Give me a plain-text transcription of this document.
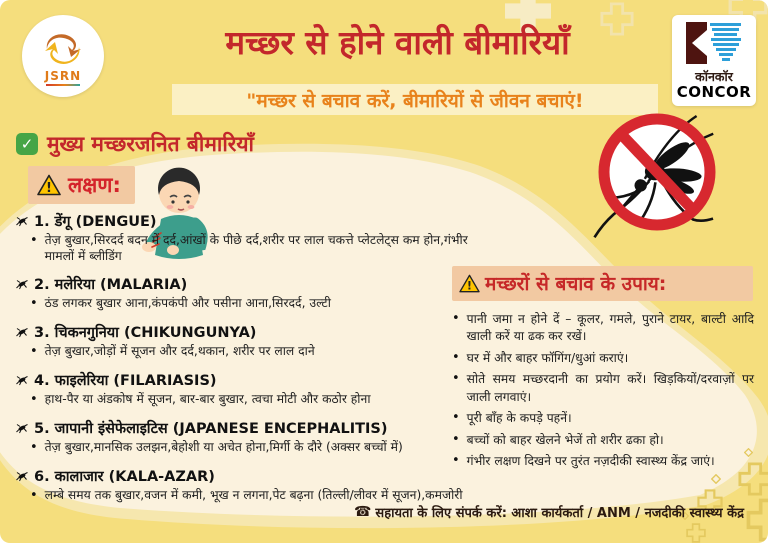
JSRN
मच्छर से होने वाली बीमारियाँ
"मच्छर से बचाव करें, बीमारियों से जीवन बचाएं!
कॉनकॉर
CONCOR
✓ मुख्य मच्छरजनित बीमारियाँ
! लक्षण:
1. डेंगू (DENGUE)
• तेज़ बुखार,सिरदर्द बदन में दर्द,आंखों के पीछे दर्द,शरीर पर लाल चकत्ते प्लेटलेट्स कम होन,गंभीर मामलों में ब्लीडिंग
2. मलेरिया (MALARIA)
• ठंड लगकर बुखार आना,कंपकंपी और पसीना आना,सिरदर्द, उल्टी
3. चिकनगुनिया (CHIKUNGUNYA)
• तेज़ बुखार,जोड़ों में सूजन और दर्द,थकान, शरीर पर लाल दाने
4. फाइलेरिया (FILARIASIS)
• हाथ-पैर या अंडकोष में सूजन, बार-बार बुखार, त्वचा मोटी और कठोर होना
5. जापानी इंसेफेलाइटिस (JAPANESE ENCEPHALITIS)
• तेज़ बुखार,मानसिक उलझन,बेहोशी या अचेत होना,मिर्गी के दौरे (अक्सर बच्चों में)
6. कालाजार (KALA-AZAR)
• लम्बे समय तक बुखार,वजन में कमी, भूख न लगना,पेट बढ़ना (तिल्ली/लीवर में सूजन),कमजोरी
! मच्छरों से बचाव के उपाय:
• पानी जमा न होने दें – कूलर, गमले, पुराने टायर, बाल्टी आदि खाली करें या ढक कर रखें।
• घर में और बाहर फॉगिंग/धुआं कराएं।
• सोते समय मच्छरदानी का प्रयोग करें। खिड़कियों/दरवाज़ों पर जाली लगवाएं।
• पूरी बाँह के कपड़े पहनें।
• बच्चों को बाहर खेलने भेजें तो शरीर ढका हो।
• गंभीर लक्षण दिखने पर तुरंत नज़दीकी स्वास्थ्य केंद्र जाएं।
☎ सहायता के लिए संपर्क करें: आशा कार्यकर्ता / ANM / नजदीकी स्वास्थ्य केंद्र
